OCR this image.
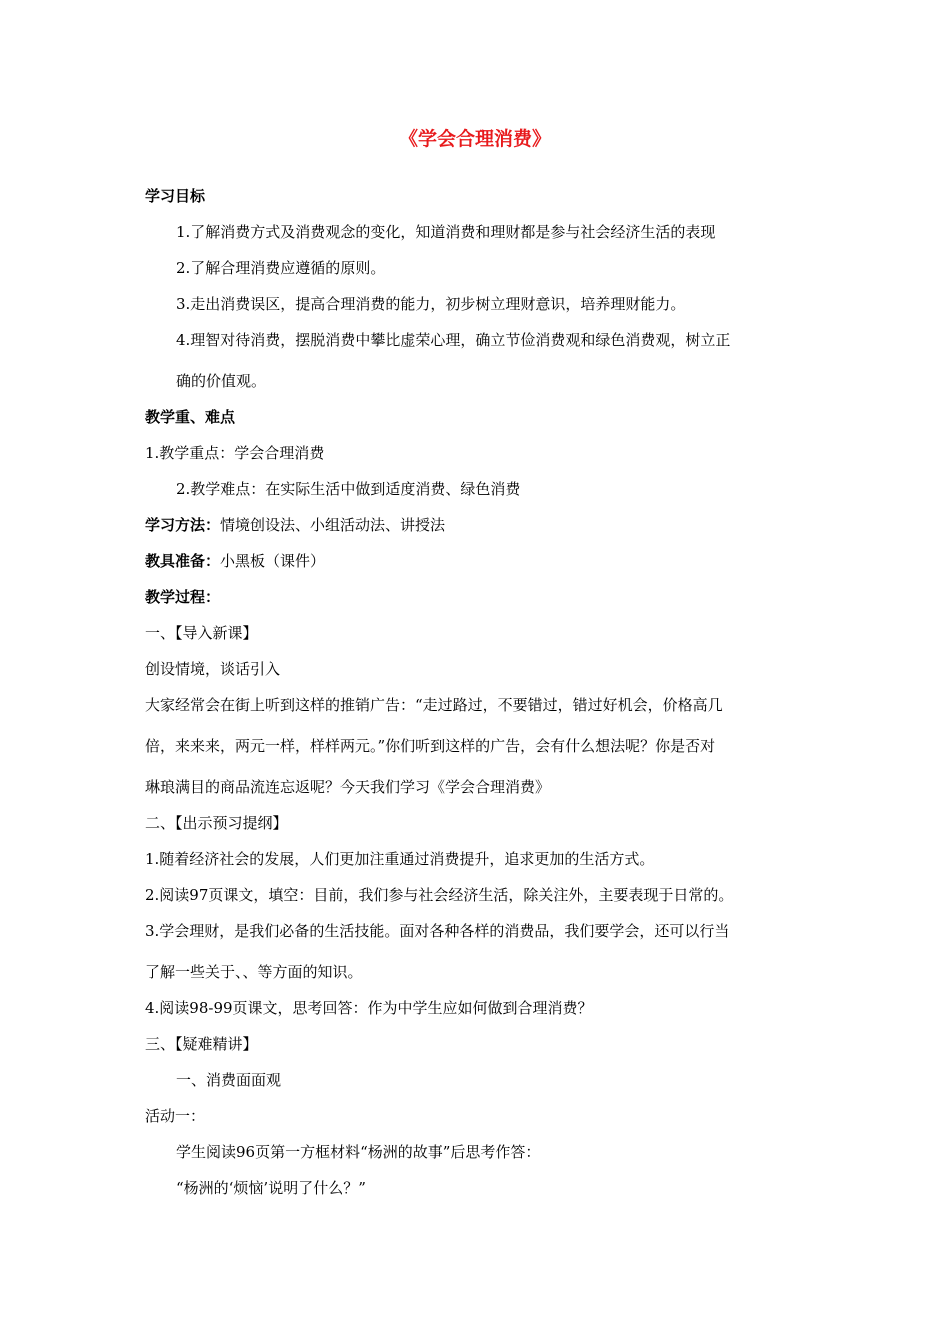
《学会合理消费》
学习目标
1.了解消费方式及消费观念的变化，知道消费和理财都是参与社会经济生活的表现
2.了解合理消费应遵循的原则。
3.走出消费误区，提高合理消费的能力，初步树立理财意识，培养理财能力。
4.理智对待消费，摆脱消费中攀比虚荣心理，确立节俭消费观和绿色消费观，树立正
确的价值观。
教学重、难点
1.教学重点：学会合理消费
2.教学难点：在实际生活中做到适度消费、绿色消费
学习方法：情境创设法、小组活动法、讲授法
教具准备：小黑板（课件）
教学过程：
一、【导入新课】
创设情境，谈话引入
大家经常会在街上听到这样的推销广告：“走过路过，不要错过，错过好机会，价格高几
倍，来来来，两元一样，样样两元。”你们听到这样的广告，会有什么想法呢？你是否对
琳琅满目的商品流连忘返呢？今天我们学习《学会合理消费》
二、【出示预习提纲】
1.随着经济社会的发展，人们更加注重通过消费提升，追求更加的生活方式。
2.阅读97页课文，填空：目前，我们参与社会经济生活，除关注外，主要表现于日常的。
3.学会理财，是我们必备的生活技能。面对各种各样的消费品，我们要学会，还可以行当
了解一些关于、、等方面的知识。
4.阅读98-99页课文，思考回答：作为中学生应如何做到合理消费？
三、【疑难精讲】
一、消费面面观
活动一：
学生阅读96页第一方框材料“杨洲的故事”后思考作答：
“杨洲的‘烦恼’说明了什么？”
